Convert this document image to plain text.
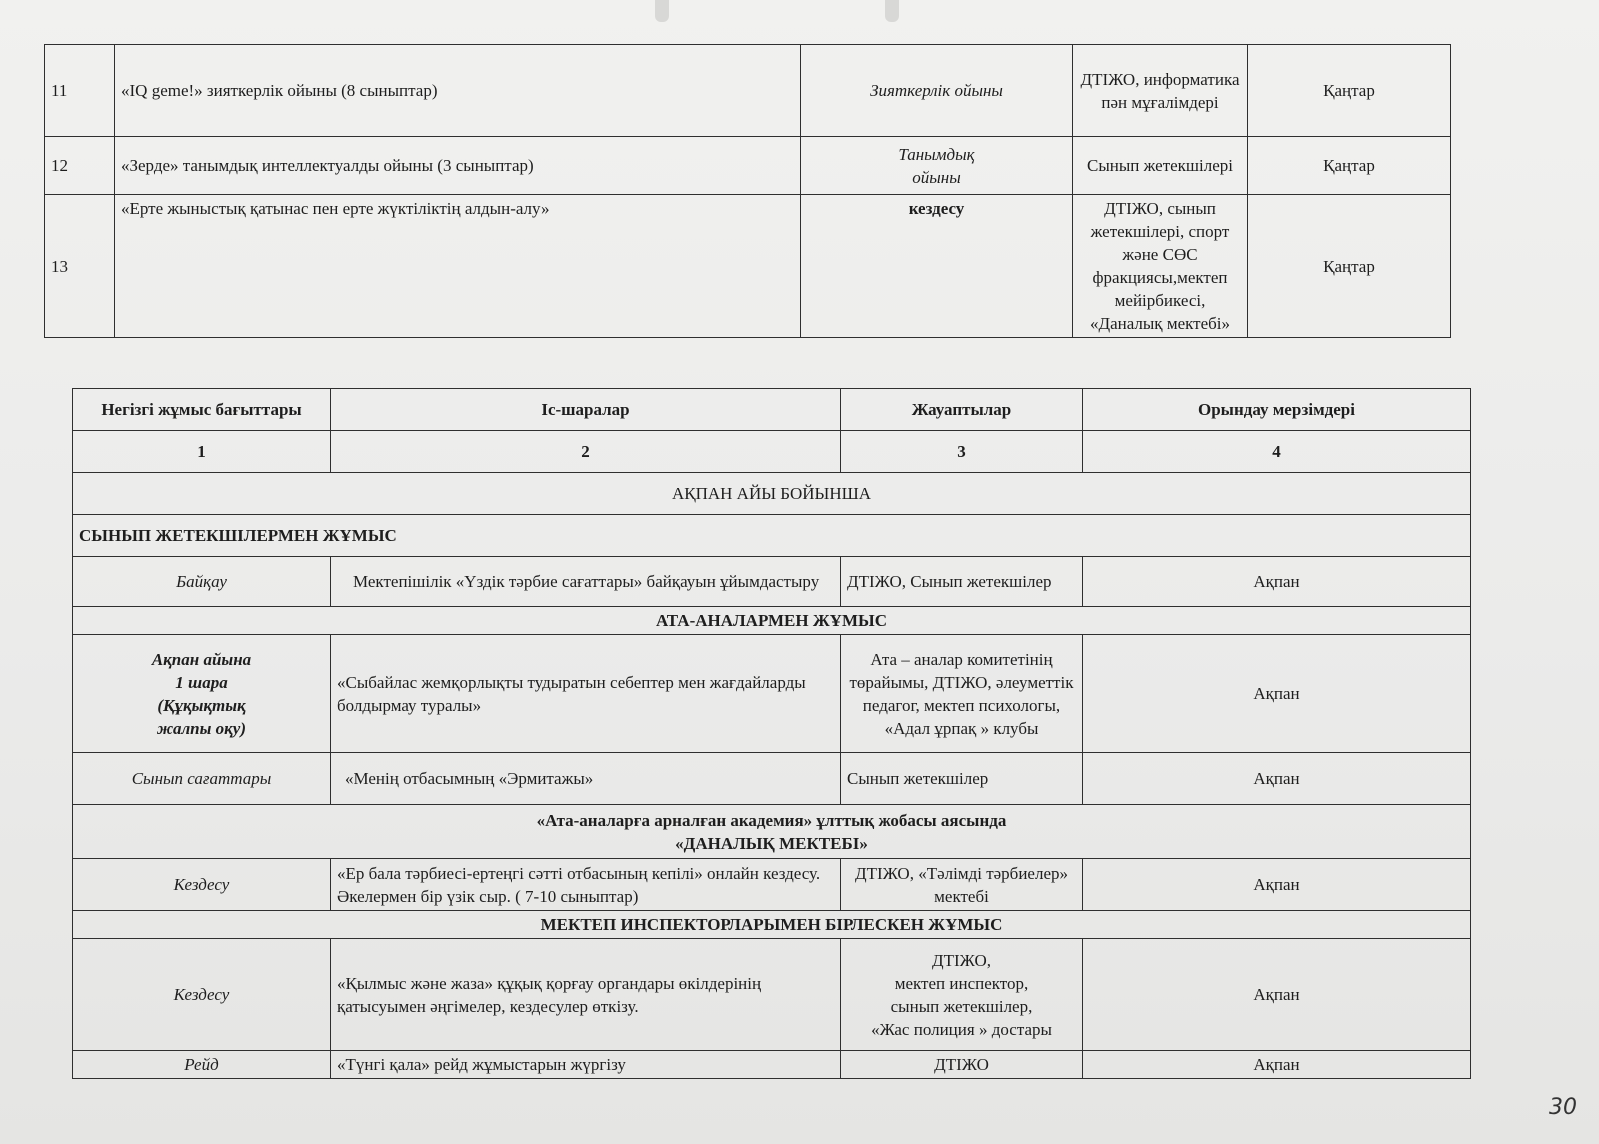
11	«IQ geme!» зияткерлік ойыны (8 сыныптар)	Зияткерлік ойыны	ДТІЖО, информатика пән мұғалімдері	Қаңтар
12	«Зерде» танымдық интеллектуалды ойыны (3 сыныптар)	Танымдық ойыны	Сынып жетекшілері	Қаңтар
13	«Ерте жыныстық қатынас пен ерте жүктіліктің алдын-алу»	кездесу	ДТІЖО, сынып жетекшілері, спорт және СӨС фракциясы,мектеп мейірбикесі, «Даналық мектебі»	Қаңтар
Негізгі жұмыс бағыттары	Іс-шаралар	Жауаптылар	Орындау мерзімдері
1	2	3	4
АҚПАН АЙЫ БОЙЫНША			
СЫНЫП ЖЕТЕКШІЛЕРМЕН ЖҰМЫС			
Байқау	Мектепішілік «Үздік тәрбие сағаттары» байқауын ұйымдастыру	ДТІЖО, Сынып жетекшілер	Ақпан
АТА-АНАЛАРМЕН ЖҰМЫС			

Ақпан айына
1 шара
(Құқықтық
жалпы оқу)	«Сыбайлас жемқорлықты тудыратын себептер мен жағдайларды болдырмау туралы»	Ата – аналар комитетінің төрайымы, ДТІЖО, әлеуметтік педагог, мектеп психологы, «Адал ұрпақ » клубы	Ақпан
Сынып сағаттары	«Менің отбасымның «Эрмитажы»	Сынып жетекшілер	Ақпан

«Ата-аналарға арналған академия» ұлттық жобасы аясында
«ДАНАЛЫҚ МЕКТЕБІ»			

Кездесу	«Ер бала тәрбиесі-ертеңгі сәтті отбасының кепілі» онлайн кездесу. Әкелермен бір үзік сыр. ( 7-10 сыныптар)	ДТІЖО, «Тәлімді тәрбиелер» мектебі	Ақпан
МЕКТЕП ИНСПЕКТОРЛАРЫМЕН БІРЛЕСКЕН ЖҰМЫС			
Кездесу	«Қылмыс және жаза» құқық қорғау органдары өкілдерінің қатысуымен әңгімелер, кездесулер өткізу.	ДТІЖО,
мектеп инспектор,
сынып жетекшілер,
«Жас полиция » достары	Ақпан
Рейд	«Түнгі қала» рейд жұмыстарын жүргізу	ДТІЖО	Ақпан
30
